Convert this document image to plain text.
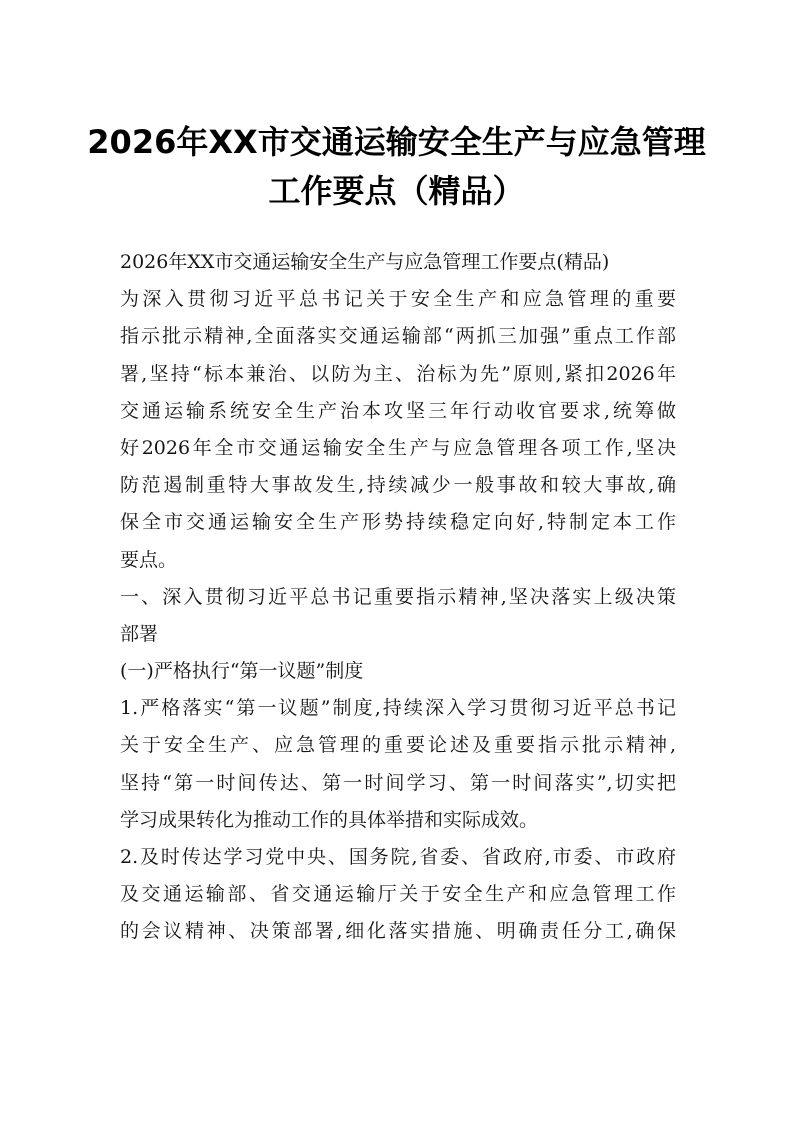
2026年XX市交通运输安全生产与应急管理
工作要点（精品）
2026年XX市交通运输安全生产与应急管理工作要点(精品)
为深入贯彻习近平总书记关于安全生产和应急管理的重要
指示批示精神,全面落实交通运输部“两抓三加强”重点工作部
署,坚持“标本兼治、以防为主、治标为先”原则,紧扣2026年
交通运输系统安全生产治本攻坚三年行动收官要求,统筹做
好2026年全市交通运输安全生产与应急管理各项工作,坚决
防范遏制重特大事故发生,持续减少一般事故和较大事故,确
保全市交通运输安全生产形势持续稳定向好,特制定本工作
要点。
一、深入贯彻习近平总书记重要指示精神,坚决落实上级决策
部署
(一)严格执行“第一议题”制度
1.严格落实“第一议题”制度,持续深入学习贯彻习近平总书记
关于安全生产、应急管理的重要论述及重要指示批示精神,
坚持“第一时间传达、第一时间学习、第一时间落实”,切实把
学习成果转化为推动工作的具体举措和实际成效。
2.及时传达学习党中央、国务院,省委、省政府,市委、市政府
及交通运输部、省交通运输厅关于安全生产和应急管理工作
的会议精神、决策部署,细化落实措施、明确责任分工,确保
